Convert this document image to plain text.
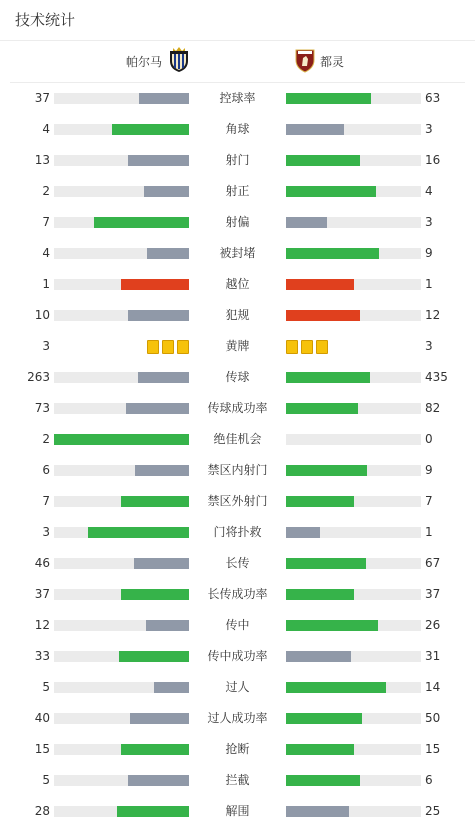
技术统计
帕尔马	都灵
37	控球率	63
4	角球	3
13	射门	16
2	射正	4
7	射偏	3
4	被封堵	9
1	越位	1
10	犯规	12
3	黄牌	3
263	传球	435
73	传球成功率	82
2	绝佳机会	0
6	禁区内射门	9
7	禁区外射门	7
3	门将扑救	1
46	长传	67
37	长传成功率	37
12	传中	26
33	传中成功率	31
5	过人	14
40	过人成功率	50
15	抢断	15
5	拦截	6
28	解围	25
